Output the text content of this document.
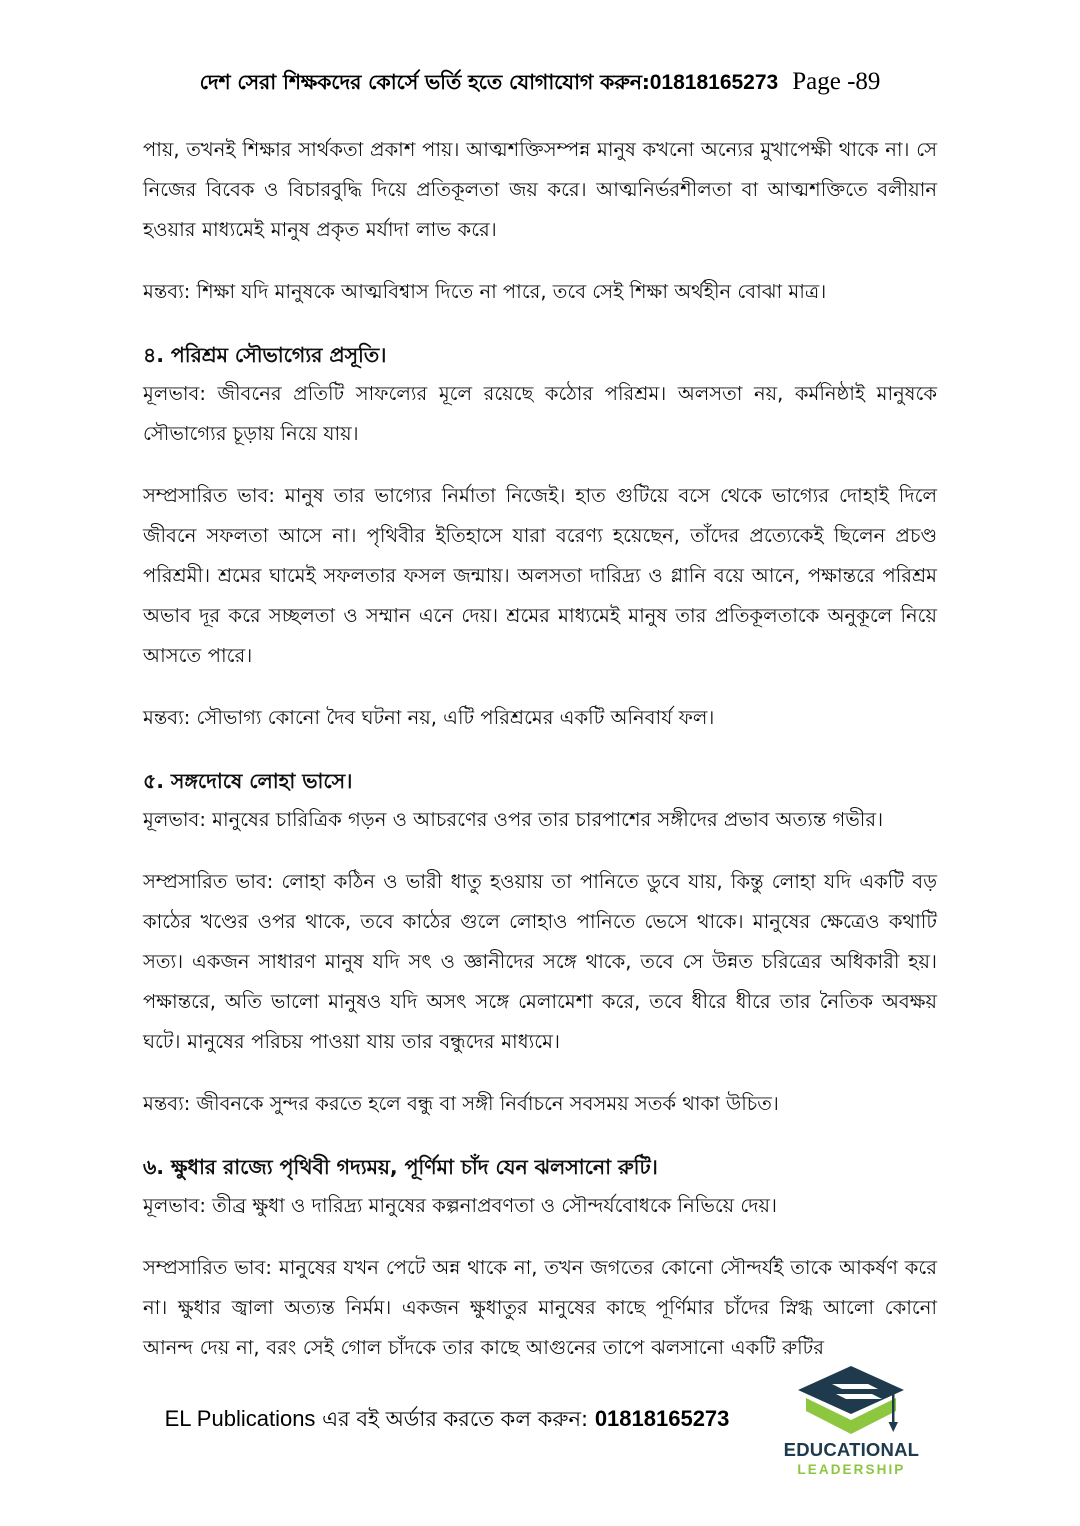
দেশ সেরা শিক্ষকদের কোর্সে ভর্তি হতে যোগাযোগ করুন:01818165273 Page -89

পায়, তখনই শিক্ষার সার্থকতা প্রকাশ পায়। আত্মশক্তিসম্পন্ন মানুষ কখনো অন্যের মুখাপেক্ষী থাকে না। সে নিজের বিবেক ও বিচারবুদ্ধি দিয়ে প্রতিকূলতা জয় করে। আত্মনির্ভরশীলতা বা আত্মশক্তিতে বলীয়ান হওয়ার মাধ্যমেই মানুষ প্রকৃত মর্যাদা লাভ করে।

মন্তব্য: শিক্ষা যদি মানুষকে আত্মবিশ্বাস দিতে না পারে, তবে সেই শিক্ষা অর্থহীন বোঝা মাত্র।

৪. পরিশ্রম সৌভাগ্যের প্রসূতি।

মূলভাব: জীবনের প্রতিটি সাফল্যের মূলে রয়েছে কঠোর পরিশ্রম। অলসতা নয়, কর্মনিষ্ঠাই মানুষকে সৌভাগ্যের চূড়ায় নিয়ে যায়।

সম্প্রসারিত ভাব: মানুষ তার ভাগ্যের নির্মাতা নিজেই। হাত গুটিয়ে বসে থেকে ভাগ্যের দোহাই দিলে জীবনে সফলতা আসে না। পৃথিবীর ইতিহাসে যারা বরেণ্য হয়েছেন, তাঁদের প্রত্যেকেই ছিলেন প্রচণ্ড পরিশ্রমী। শ্রমের ঘামেই সফলতার ফসল জন্মায়। অলসতা দারিদ্র্য ও গ্লানি বয়ে আনে, পক্ষান্তরে পরিশ্রম অভাব দূর করে সচ্ছলতা ও সম্মান এনে দেয়। শ্রমের মাধ্যমেই মানুষ তার প্রতিকূলতাকে অনুকূলে নিয়ে আসতে পারে।

মন্তব্য: সৌভাগ্য কোনো দৈব ঘটনা নয়, এটি পরিশ্রমের একটি অনিবার্য ফল।

৫. সঙ্গদোষে লোহা ভাসে।

মূলভাব: মানুষের চারিত্রিক গড়ন ও আচরণের ওপর তার চারপাশের সঙ্গীদের প্রভাব অত্যন্ত গভীর।

সম্প্রসারিত ভাব: লোহা কঠিন ও ভারী ধাতু হওয়ায় তা পানিতে ডুবে যায়, কিন্তু লোহা যদি একটি বড় কাঠের খণ্ডের ওপর থাকে, তবে কাঠের গুলে লোহাও পানিতে ভেসে থাকে। মানুষের ক্ষেত্রেও কথাটি সত্য। একজন সাধারণ মানুষ যদি সৎ ও জ্ঞানীদের সঙ্গে থাকে, তবে সে উন্নত চরিত্রের অধিকারী হয়। পক্ষান্তরে, অতি ভালো মানুষও যদি অসৎ সঙ্গে মেলামেশা করে, তবে ধীরে ধীরে তার নৈতিক অবক্ষয় ঘটে। মানুষের পরিচয় পাওয়া যায় তার বন্ধুদের মাধ্যমে।

মন্তব্য: জীবনকে সুন্দর করতে হলে বন্ধু বা সঙ্গী নির্বাচনে সবসময় সতর্ক থাকা উচিত।

৬. ক্ষুধার রাজ্যে পৃথিবী গদ্যময়, পূর্ণিমা চাঁদ যেন ঝলসানো রুটি।

মূলভাব: তীব্র ক্ষুধা ও দারিদ্র্য মানুষের কল্পনাপ্রবণতা ও সৌন্দর্যবোধকে নিভিয়ে দেয়।

সম্প্রসারিত ভাব: মানুষের যখন পেটে অন্ন থাকে না, তখন জগতের কোনো সৌন্দর্যই তাকে আকর্ষণ করে না। ক্ষুধার জ্বালা অত্যন্ত নির্মম। একজন ক্ষুধাতুর মানুষের কাছে পূর্ণিমার চাঁদের স্নিগ্ধ আলো কোনো আনন্দ দেয় না, বরং সেই গোল চাঁদকে তার কাছে আগুনের তাপে ঝলসানো একটি রুটির

EL Publications এর বই অর্ডার করতে কল করুন: 01818165273
EDUCATIONAL
LEADERSHIP
